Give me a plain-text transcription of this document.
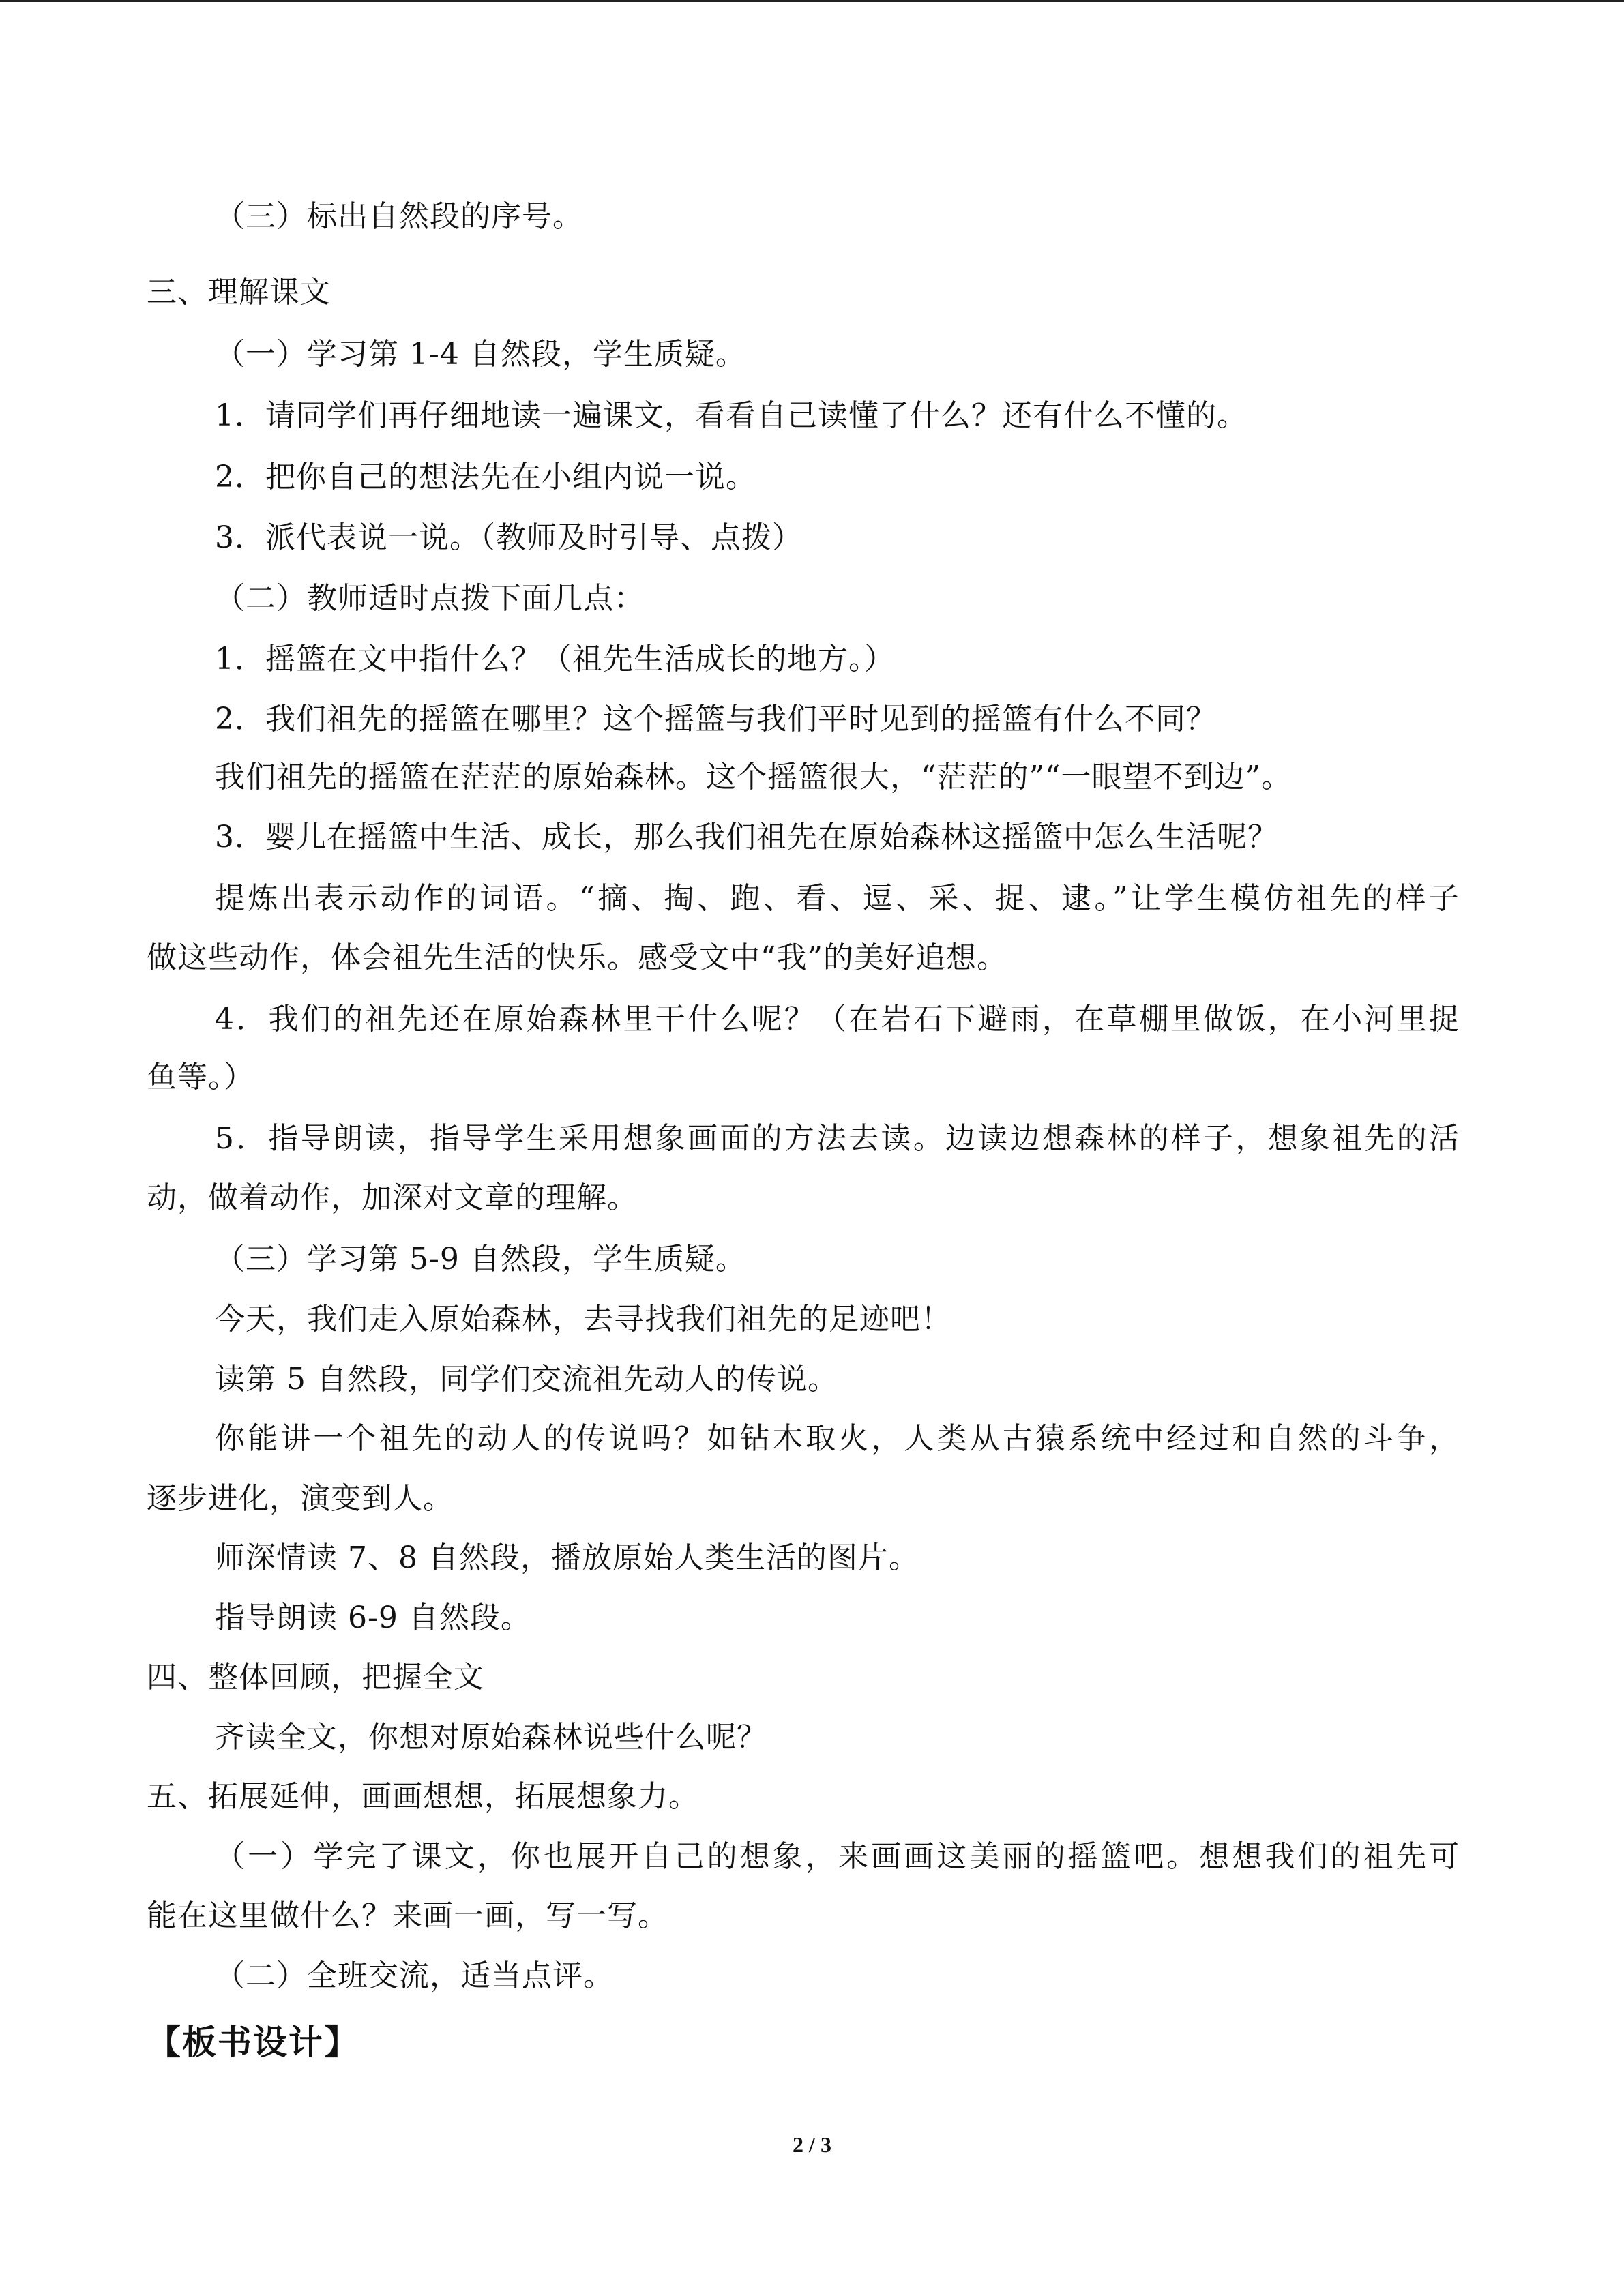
（三）标出自然段的序号。
三、理解课文
（一）学习第 1-4 自然段，学生质疑。
1．请同学们再仔细地读一遍课文，看看自己读懂了什么？还有什么不懂的。
2．把你自己的想法先在小组内说一说。
3．派代表说一说。（教师及时引导、点拨）
（二）教师适时点拨下面几点：
1．摇篮在文中指什么？（祖先生活成长的地方。）
2．我们祖先的摇篮在哪里？这个摇篮与我们平时见到的摇篮有什么不同？
我们祖先的摇篮在茫茫的原始森林。这个摇篮很大，“茫茫的”“一眼望不到边”。
3．婴儿在摇篮中生活、成长，那么我们祖先在原始森林这摇篮中怎么生活呢？
提炼出表示动作的词语。“摘、掏、跑、看、逗、采、捉、逮。”让学生模仿祖先的样子
做这些动作，体会祖先生活的快乐。感受文中“我”的美好追想。
4．我们的祖先还在原始森林里干什么呢？（在岩石下避雨，在草棚里做饭，在小河里捉
鱼等。）
5．指导朗读，指导学生采用想象画面的方法去读。边读边想森林的样子，想象祖先的活
动，做着动作，加深对文章的理解。
（三）学习第 5-9 自然段，学生质疑。
今天，我们走入原始森林，去寻找我们祖先的足迹吧！
读第 5 自然段，同学们交流祖先动人的传说。
你能讲一个祖先的动人的传说吗？如钻木取火，人类从古猿系统中经过和自然的斗争，
逐步进化，演变到人。
师深情读 7、8 自然段，播放原始人类生活的图片。
指导朗读 6-9 自然段。
四、整体回顾，把握全文
齐读全文，你想对原始森林说些什么呢？
五、拓展延伸，画画想想，拓展想象力。
（一）学完了课文，你也展开自己的想象，来画画这美丽的摇篮吧。想想我们的祖先可
能在这里做什么？来画一画，写一写。
（二）全班交流，适当点评。
【板书设计】
2 / 3
